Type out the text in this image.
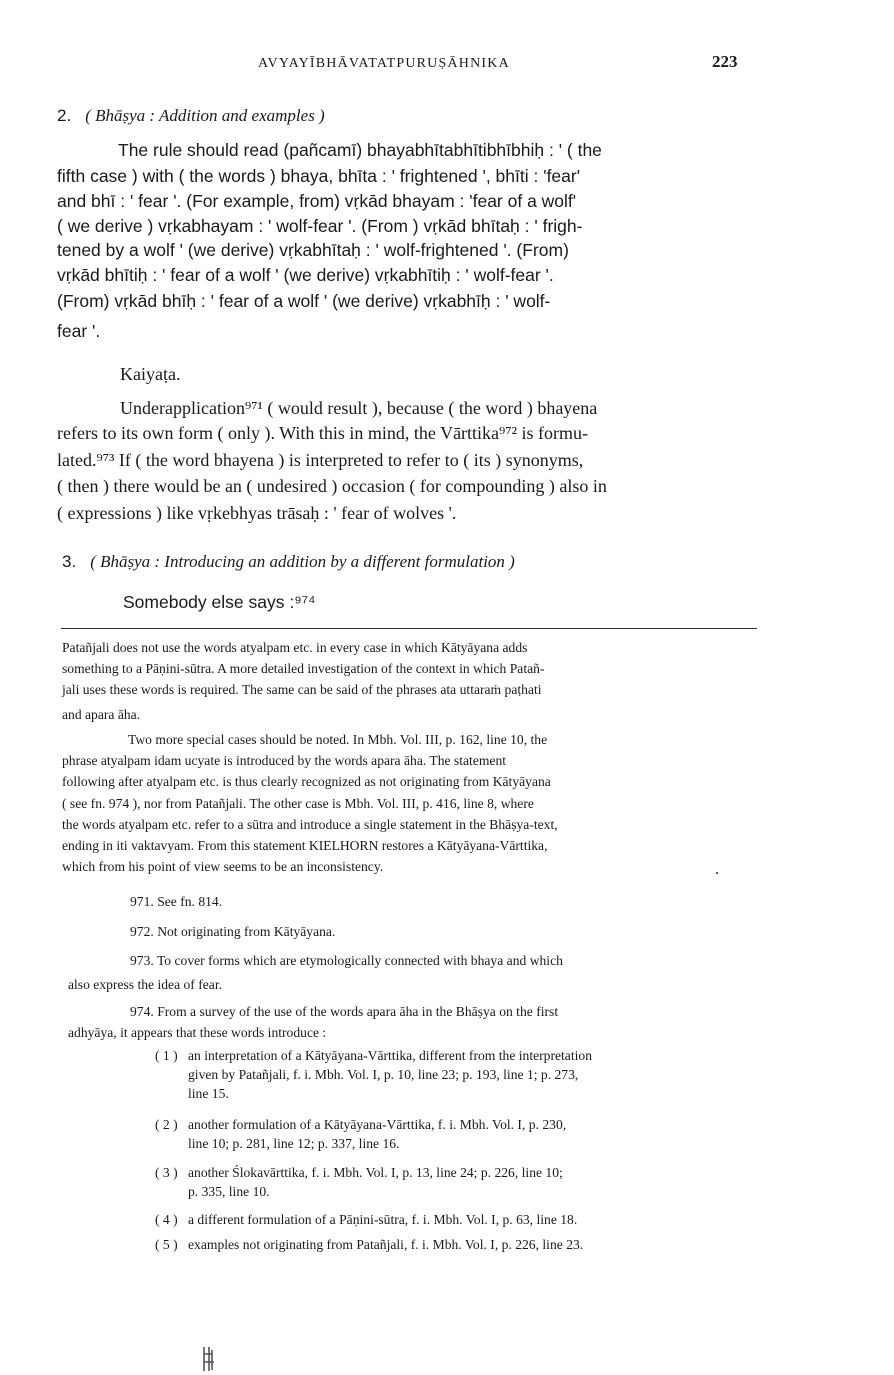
AVYAYĪBHĀVATATPURUṢĀHNIKA	223
2. ( Bhāṣya : Addition and examples )
The rule should read (pañcamī) bhayabhītabhītibhībhiḥ : ' ( the
fifth case ) with ( the words ) bhaya, bhīta : ' frightened ', bhīti : 'fear'
and bhī : ' fear '. (For example, from) vṛkād bhayam : 'fear of a wolf'
( we derive ) vṛkabhayam : ' wolf-fear '. (From ) vṛkād bhītaḥ : ' frigh-
tened by a wolf ' (we derive) vṛkabhītaḥ : ' wolf-frightened '. (From)
vṛkād bhītiḥ : ' fear of a wolf ' (we derive) vṛkabhītiḥ : ' wolf-fear '.
(From) vṛkād bhīḥ : ' fear of a wolf ' (we derive) vṛkabhīḥ : ' wolf-
fear '.
Kaiyaṭa.
Underapplication⁹⁷¹ ( would result ), because ( the word ) bhayena
refers to its own form ( only ). With this in mind, the Vārttika⁹⁷² is formu-
lated.⁹⁷³ If ( the word bhayena ) is interpreted to refer to ( its ) synonyms,
( then ) there would be an ( undesired ) occasion ( for compounding ) also in
( expressions ) like vṛkebhyas trāsaḥ : ' fear of wolves '.
3. ( Bhāṣya : Introducing an addition by a different formulation )
Somebody else says :⁹⁷⁴
Patañjali does not use the words atyalpam etc. in every case in which Kātyāyana adds
something to a Pāṇini-sūtra. A more detailed investigation of the context in which Patañ-
jali uses these words is required. The same can be said of the phrases ata uttaraṁ paṭhati
and apara āha.
Two more special cases should be noted. In Mbh. Vol. III, p. 162, line 10, the
phrase atyalpam idam ucyate is introduced by the words apara āha. The statement
following after atyalpam etc. is thus clearly recognized as not originating from Kātyāyana
( see fn. 974 ), nor from Patañjali. The other case is Mbh. Vol. III, p. 416, line 8, where
the words atyalpam etc. refer to a sūtra and introduce a single statement in the Bhāṣya-text,
ending in iti vaktavyam. From this statement KIELHORN restores a Kātyāyana-Vārttika,
which from his point of view seems to be an inconsistency.
971. See fn. 814.
972. Not originating from Kātyāyana.
973. To cover forms which are etymologically connected with bhaya and which
also express the idea of fear.
974. From a survey of the use of the words apara āha in the Bhāṣya on the first
adhyāya, it appears that these words introduce :
( 1 ) an interpretation of a Kātyāyana-Vārttika, different from the interpretation
given by Patañjali, f. i. Mbh. Vol. I, p. 10, line 23; p. 193, line 1; p. 273,
line 15.
( 2 ) another formulation of a Kātyāyana-Vārttika, f. i. Mbh. Vol. I, p. 230,
line 10; p. 281, line 12; p. 337, line 16.
( 3 ) another Ślokavārttika, f. i. Mbh. Vol. I, p. 13, line 24; p. 226, line 10;
p. 335, line 10.
( 4 ) a different formulation of a Pāṇini-sūtra, f. i. Mbh. Vol. I, p. 63, line 18.
( 5 ) examples not originating from Patañjali, f. i. Mbh. Vol. I, p. 226, line 23.
